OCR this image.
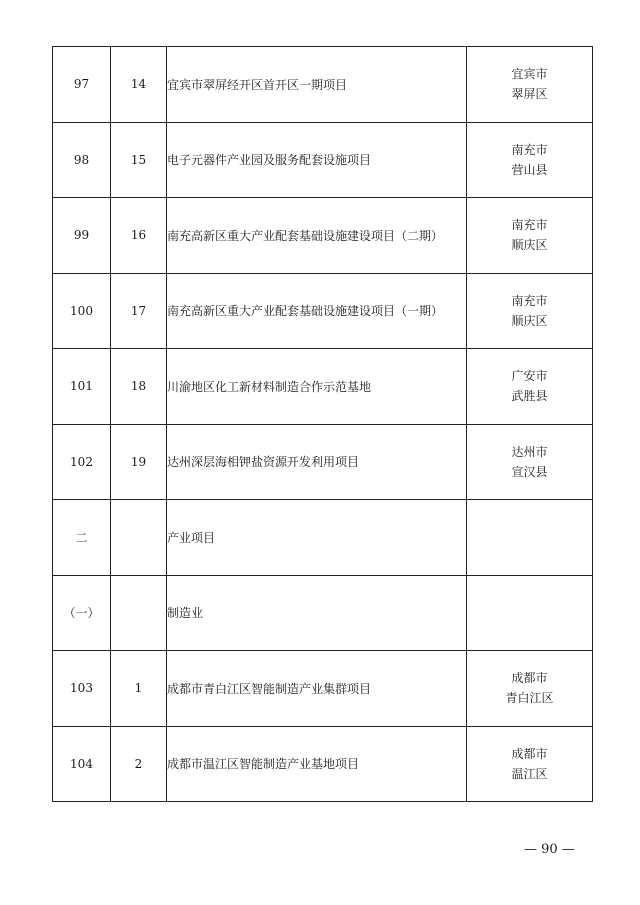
97	14	宜宾市翠屏经开区首开区一期项目	宜宾市
翠屏区

98	15	电子元器件产业园及服务配套设施项目	南充市
营山县

99	16	南充高新区重大产业配套基础设施建设项目（二期）	南充市
顺庆区

100	17	南充高新区重大产业配套基础设施建设项目（一期）	南充市
顺庆区

101	18	川渝地区化工新材料制造合作示范基地	广安市
武胜县

102	19	达州深层海相钾盐资源开发利用项目	达州市
宣汉县

二		产业项目	

（一）		制造业	

103	1	成都市青白江区智能制造产业集群项目	成都市
青白江区

104	2	成都市温江区智能制造产业基地项目	成都市
温江区
— 90 —
